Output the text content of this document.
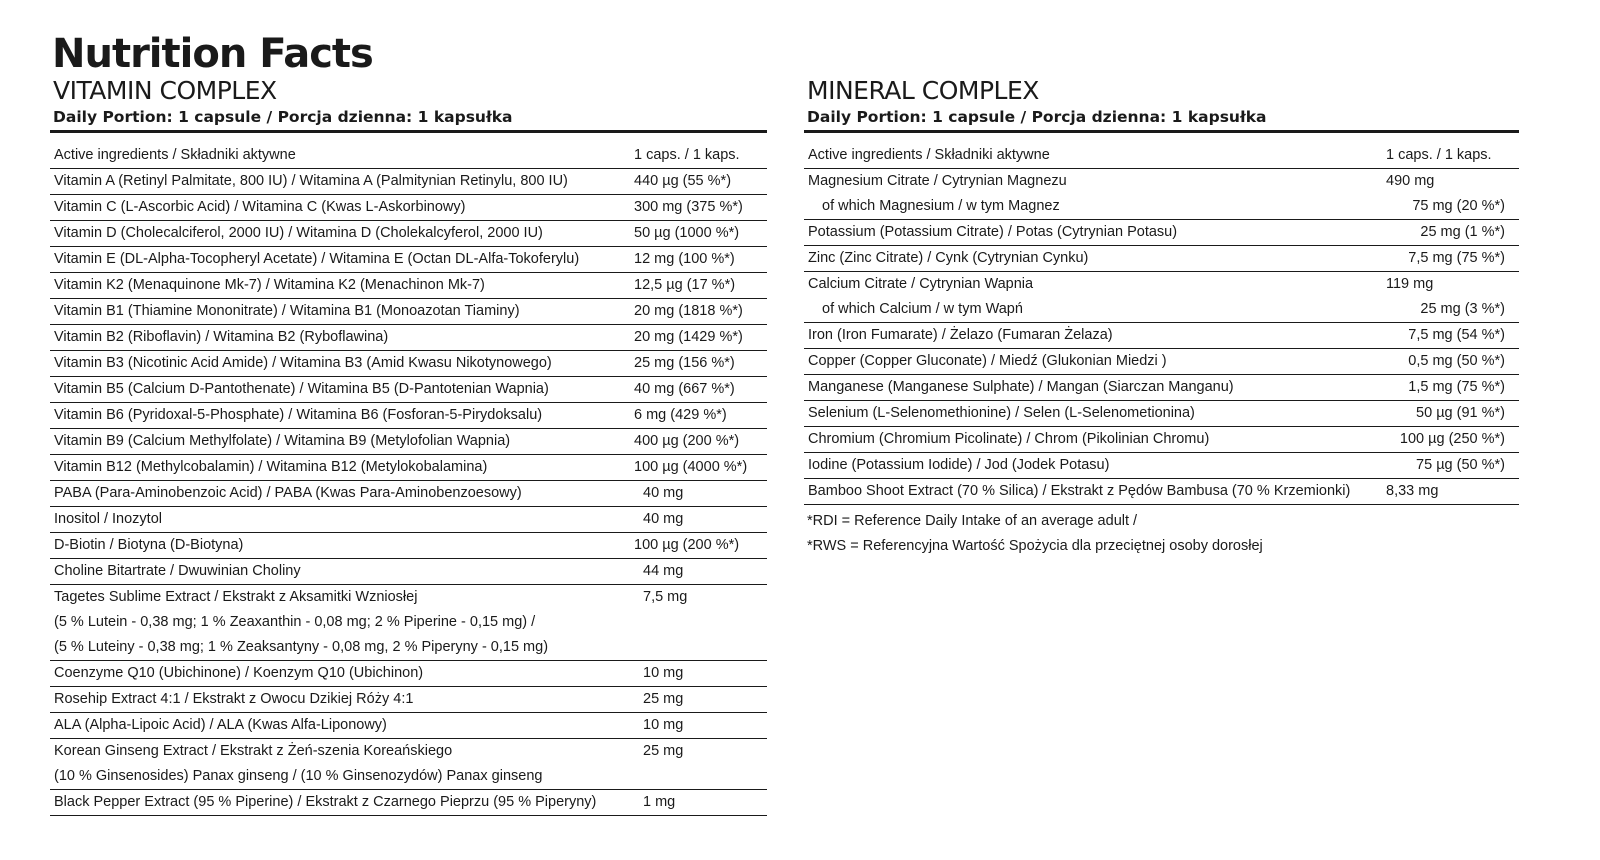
Nutrition Facts
VITAMIN COMPLEX
Daily Portion: 1 capsule / Porcja dzienna: 1 kapsułka
Active ingredients / Składniki aktywne	1 caps. / 1 kaps.

Vitamin A (Retinyl Palmitate, 800 IU) / Witamina A (Palmitynian Retinylu, 800 IU)	440 µg (55 %*)

Vitamin C (L-Ascorbic Acid) / Witamina C (Kwas L-Askorbinowy)	300 mg (375 %*)

Vitamin D (Cholecalciferol, 2000 IU) / Witamina D (Cholekalcyferol, 2000 IU)	50 µg (1000 %*)

Vitamin E (DL-Alpha-Tocopheryl Acetate) / Witamina E (Octan DL-Alfa-Tokoferylu)	12 mg (100 %*)

Vitamin K2 (Menaquinone Mk-7) / Witamina K2 (Menachinon Mk-7)	12,5 µg (17 %*)

Vitamin B1 (Thiamine Mononitrate) / Witamina B1 (Monoazotan Tiaminy)	20 mg (1818 %*)

Vitamin B2 (Riboflavin) / Witamina B2 (Ryboflawina)	20 mg (1429 %*)

Vitamin B3 (Nicotinic Acid Amide) / Witamina B3 (Amid Kwasu Nikotynowego)	25 mg (156 %*)

Vitamin B5 (Calcium D-Pantothenate) / Witamina B5 (D-Pantotenian Wapnia)	40 mg (667 %*)

Vitamin B6 (Pyridoxal-5-Phosphate) / Witamina B6 (Fosforan-5-Pirydoksalu)	6 mg (429 %*)

Vitamin B9 (Calcium Methylfolate) / Witamina B9 (Metylofolian Wapnia)	400 µg (200 %*)

Vitamin B12 (Methylcobalamin) / Witamina B12 (Metylokobalamina)	100 µg (4000 %*)

PABA (Para-Aminobenzoic Acid) / PABA (Kwas Para-Aminobenzoesowy)	40 mg

Inositol / Inozytol	40 mg

D-Biotin / Biotyna (D-Biotyna)	100 µg (200 %*)

Choline Bitartrate / Dwuwinian Choliny	44 mg

Tagetes Sublime Extract / Ekstrakt z Aksamitki Wzniosłej
(5 % Lutein - 0,38 mg; 1 % Zeaxanthin - 0,08 mg; 2 % Piperine - 0,15 mg) /
(5 % Luteiny - 0,38 mg; 1 % Zeaksantyny - 0,08 mg, 2 % Piperyny - 0,15 mg)	7,5 mg

Coenzyme Q10 (Ubichinone) / Koenzym Q10 (Ubichinon)	10 mg

Rosehip Extract 4:1 / Ekstrakt z Owocu Dzikiej Róży 4:1	25 mg

ALA (Alpha-Lipoic Acid) / ALA (Kwas Alfa-Liponowy)	10 mg

Korean Ginseng Extract / Ekstrakt z Żeń-szenia Koreańskiego
(10 % Ginsenosides) Panax ginseng / (10 % Ginsenozydów) Panax ginseng	25 mg

Black Pepper Extract (95 % Piperine) / Ekstrakt z Czarnego Pieprzu (95 % Piperyny)	1 mg
MINERAL COMPLEX
Daily Portion: 1 capsule / Porcja dzienna: 1 kapsułka
Active ingredients / Składniki aktywne	1 caps. / 1 kaps.
Magnesium Citrate / Cytrynian Magnezu	490 mg
of which Magnesium / w tym Magnez	75 mg (20 %*)
Potassium (Potassium Citrate) / Potas (Cytrynian Potasu)	25 mg (1 %*)
Zinc (Zinc Citrate) / Cynk (Cytrynian Cynku)	7,5 mg (75 %*)
Calcium Citrate / Cytrynian Wapnia	119 mg
of which Calcium / w tym Wapń	25 mg (3 %*)
Iron (Iron Fumarate) / Żelazo (Fumaran Żelaza)	7,5 mg (54 %*)
Copper (Copper Gluconate) / Miedź (Glukonian Miedzi )	0,5 mg (50 %*)
Manganese (Manganese Sulphate) / Mangan (Siarczan Manganu)	1,5 mg (75 %*)
Selenium (L-Selenomethionine) / Selen (L-Selenometionina)	50 µg (91 %*)
Chromium (Chromium Picolinate) / Chrom (Pikolinian Chromu)	100 µg (250 %*)
Iodine (Potassium Iodide) / Jod (Jodek Potasu)	75 µg (50 %*)
Bamboo Shoot Extract (70 % Silica) / Ekstrakt z Pędów Bambusa (70 % Krzemionki)	8,33 mg
*RDI = Reference Daily Intake of an average adult /
*RWS = Referencyjna Wartość Spożycia dla przeciętnej osoby dorosłej
